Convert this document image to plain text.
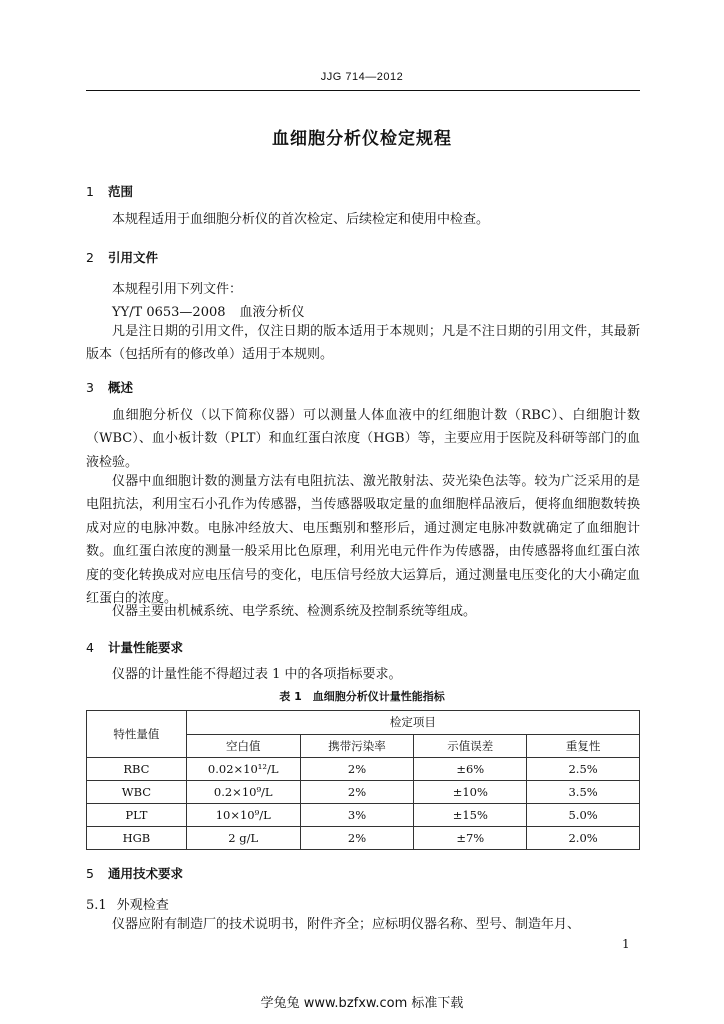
JJG 714—2012
血细胞分析仪检定规程
1 范围
本规程适用于血细胞分析仪的首次检定、后续检定和使用中检查。
2 引用文件
本规程引用下列文件：
YY/T 0653—2008 血液分析仪
凡是注日期的引用文件，仅注日期的版本适用于本规则；凡是不注日期的引用文件，其最新版本（包括所有的修改单）适用于本规则。
3 概述
血细胞分析仪（以下简称仪器）可以测量人体血液中的红细胞计数（RBC）、白细胞计数（WBC）、血小板计数（PLT）和血红蛋白浓度（HGB）等，主要应用于医院及科研等部门的血液检验。
仪器中血细胞计数的测量方法有电阻抗法、激光散射法、荧光染色法等。较为广泛采用的是电阻抗法，利用宝石小孔作为传感器，当传感器吸取定量的血细胞样品液后，便将血细胞数转换成对应的电脉冲数。电脉冲经放大、电压甄别和整形后，通过测定电脉冲数就确定了血细胞计数。血红蛋白浓度的测量一般采用比色原理，利用光电元件作为传感器，由传感器将血红蛋白浓度的变化转换成对应电压信号的变化，电压信号经放大运算后，通过测量电压变化的大小确定血红蛋白的浓度。
仪器主要由机械系统、电学系统、检测系统及控制系统等组成。
4 计量性能要求
仪器的计量性能不得超过表 1 中的各项指标要求。
表 1　血细胞分析仪计量性能指标
特性量值	检定项目			
	空白值	携带污染率	示值误差	重复性
RBC	0.02×10¹²/L	2%	±6%	2.5%
WBC	0.2×10⁹/L	2%	±10%	3.5%
PLT	10×10⁹/L	3%	±15%	5.0%
HGB	2 g/L	2%	±7%	2.0%
5 通用技术要求
5.1 外观检查
仪器应附有制造厂的技术说明书，附件齐全；应标明仪器名称、型号、制造年月、
1
学兔兔 www.bzfxw.com 标准下载
